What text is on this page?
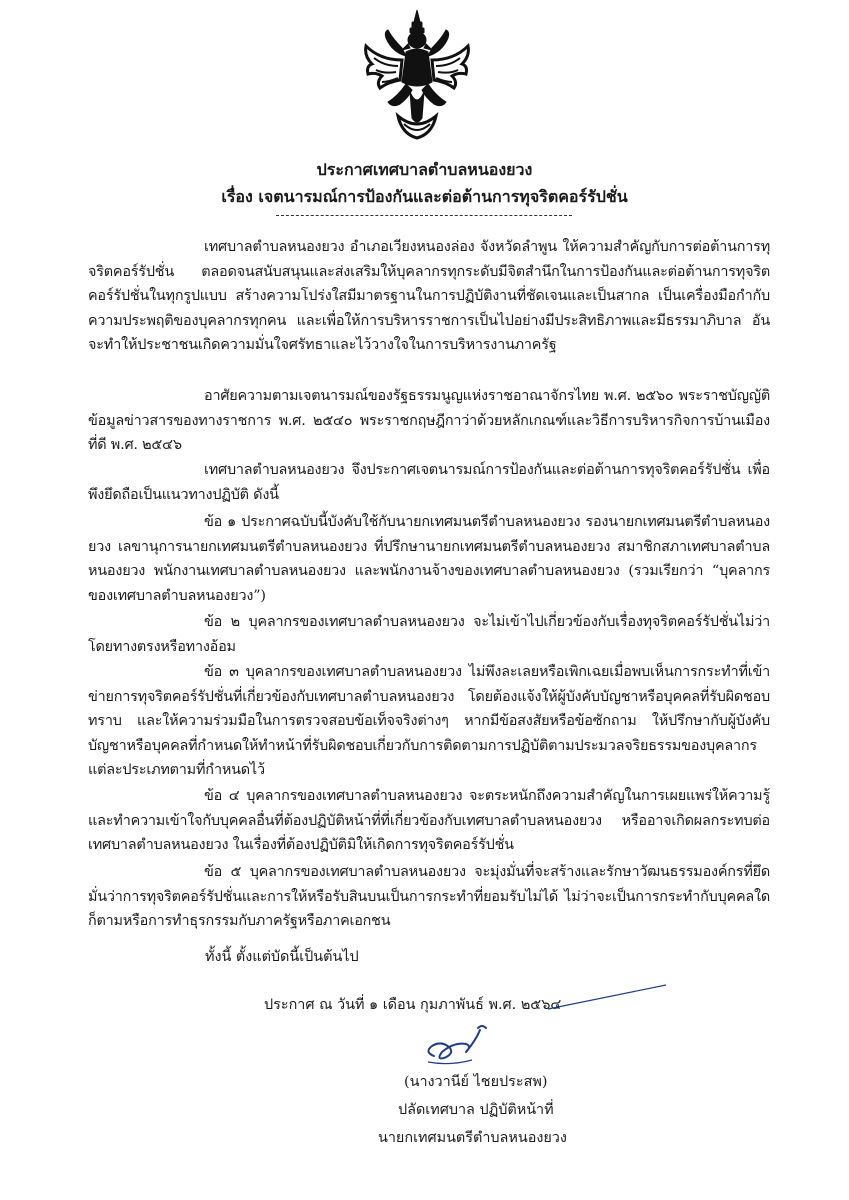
ประกาศเทศบาลตำบลหนองยวง
เรื่อง เจตนารมณ์การป้องกันและต่อต้านการทุจริตคอร์รัปชั่น

เทศบาลตำบลหนองยวง อำเภอเวียงหนองล่อง จังหวัดลำพูน ให้ความสำคัญกับการต่อต้านการทุจริตคอร์รัปชั่น ตลอดจนสนับสนุนและส่งเสริมให้บุคลากรทุกระดับมีจิตสำนึกในการป้องกันและต่อต้านการทุจริตคอร์รัปชั่นในทุกรูปแบบ สร้างความโปร่งใสมีมาตรฐานในการปฏิบัติงานที่ชัดเจนและเป็นสากล เป็นเครื่องมือกำกับความประพฤติของบุคลากรทุกคน และเพื่อให้การบริหารราชการเป็นไปอย่างมีประสิทธิภาพและมีธรรมาภิบาล อันจะทำให้ประชาชนเกิดความมั่นใจศรัทธาและไว้วางใจในการบริหารงานภาครัฐ

อาศัยความตามเจตนารมณ์ของรัฐธรรมนูญแห่งราชอาณาจักรไทย พ.ศ. ๒๕๖๐ พระราชบัญญัติข้อมูลข่าวสารของทางราชการ พ.ศ. ๒๕๔๐ พระราชกฤษฎีกาว่าด้วยหลักเกณฑ์และวิธีการบริหารกิจการบ้านเมืองที่ดี พ.ศ. ๒๕๔๖

เทศบาลตำบลหนองยวง จึงประกาศเจตนารมณ์การป้องกันและต่อต้านการทุจริตคอร์รัปชั่น เพื่อพึงยึดถือเป็นแนวทางปฏิบัติ ดังนี้

ข้อ ๑ ประกาศฉบับนี้บังคับใช้กับนายกเทศมนตรีตำบลหนองยวง รองนายกเทศมนตรีตำบลหนองยวง เลขานุการนายกเทศมนตรีตำบลหนองยวง ที่ปรึกษานายกเทศมนตรีตำบลหนองยวง สมาชิกสภาเทศบาลตำบลหนองยวง พนักงานเทศบาลตำบลหนองยวง และพนักงานจ้างของเทศบาลตำบลหนองยวง (รวมเรียกว่า “บุคลากรของเทศบาลตำบลหนองยวง”)

ข้อ ๒ บุคลากรของเทศบาลตำบลหนองยวง จะไม่เข้าไปเกี่ยวข้องกับเรื่องทุจริตคอร์รัปชั่นไม่ว่าโดยทางตรงหรือทางอ้อม

ข้อ ๓ บุคลากรของเทศบาลตำบลหนองยวง ไม่พึงละเลยหรือเพิกเฉยเมื่อพบเห็นการกระทำที่เข้าข่ายการทุจริตคอร์รัปชั่นที่เกี่ยวข้องกับเทศบาลตำบลหนองยวง โดยต้องแจ้งให้ผู้บังคับบัญชาหรือบุคคลที่รับผิดชอบทราบ และให้ความร่วมมือในการตรวจสอบข้อเท็จจริงต่างๆ หากมีข้อสงสัยหรือข้อซักถาม ให้ปรึกษากับผู้บังคับบัญชาหรือบุคคลที่กำหนดให้ทำหน้าที่รับผิดชอบเกี่ยวกับการติดตามการปฏิบัติตามประมวลจริยธรรมของบุคลากรแต่ละประเภทตามที่กำหนดไว้

ข้อ ๔ บุคลากรของเทศบาลตำบลหนองยวง จะตระหนักถึงความสำคัญในการเผยแพร่ให้ความรู้และทำความเข้าใจกับบุคคลอื่นที่ต้องปฏิบัติหน้าที่ที่เกี่ยวข้องกับเทศบาลตำบลหนองยวง หรืออาจเกิดผลกระทบต่อเทศบาลตำบลหนองยวง ในเรื่องที่ต้องปฏิบัติมิให้เกิดการทุจริตคอร์รัปชั่น

ข้อ ๕ บุคลากรของเทศบาลตำบลหนองยวง จะมุ่งมั่นที่จะสร้างและรักษาวัฒนธรรมองค์กรที่ยึดมั่นว่าการทุจริตคอร์รัปชั่นและการให้หรือรับสินบนเป็นการกระทำที่ยอมรับไม่ได้ ไม่ว่าจะเป็นการกระทำกับบุคคลใดก็ตามหรือการทำธุรกรรมกับภาครัฐหรือภาคเอกชน

ทั้งนี้ ตั้งแต่บัดนี้เป็นต้นไป
ประกาศ ณ วันที่ ๑ เดือน กุมภาพันธ์ พ.ศ. ๒๕๖๔
(นางวานีย์ ไชยประสพ)
ปลัดเทศบาล ปฏิบัติหน้าที่
นายกเทศมนตรีตำบลหนองยวง
